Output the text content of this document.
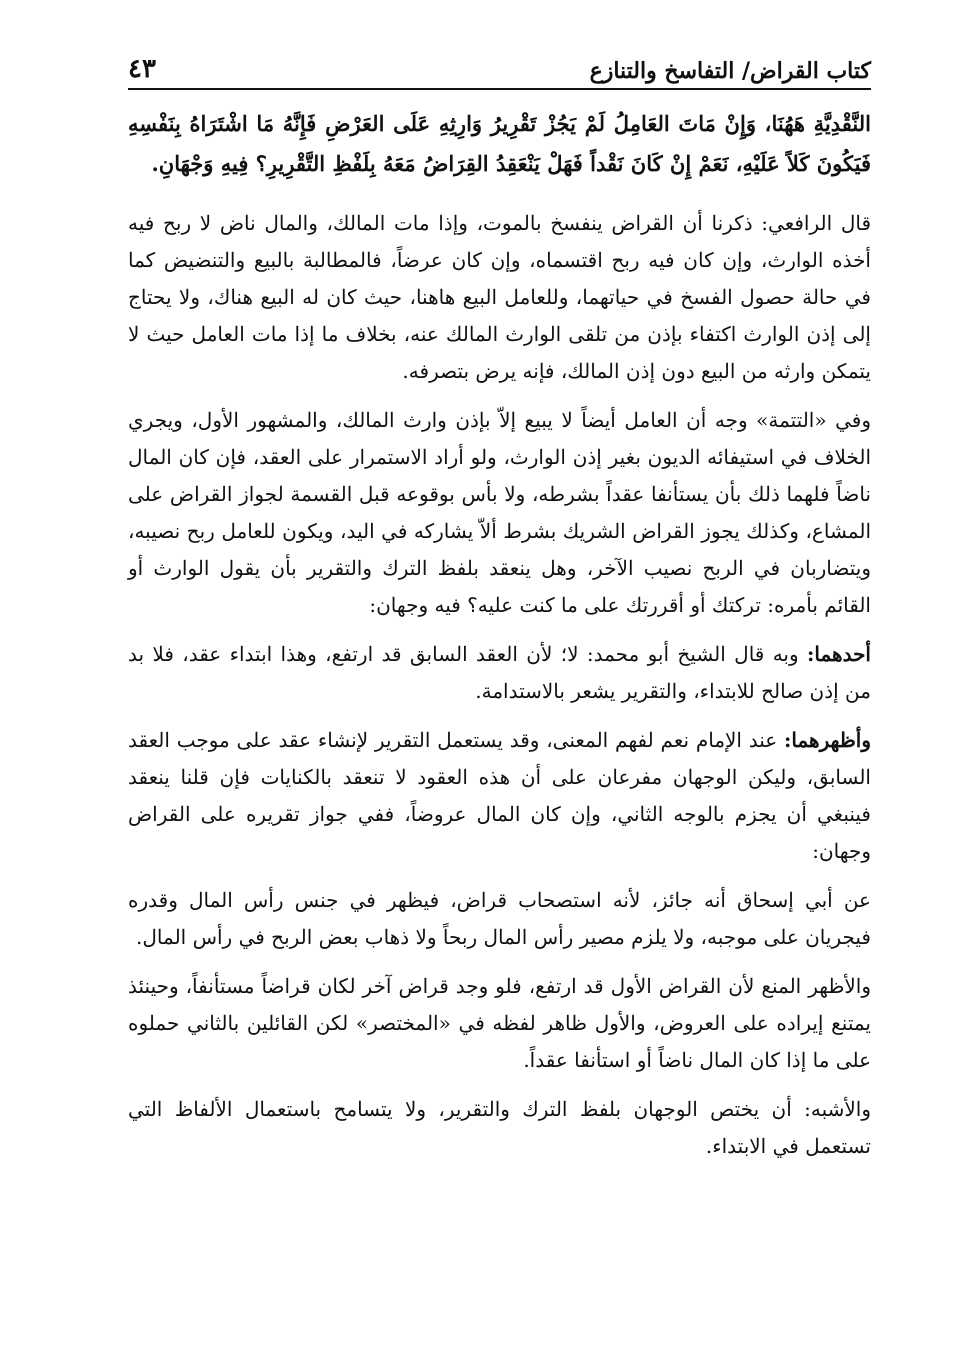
كتاب القراض/ التفاسخ والتنازع
٤٣

النَّقْدِيَّةِ هَهُنَا، وَإِنْ مَاتَ العَامِلُ لَمْ يَجُزْ تَقْرِيرُ وَارِثِهِ عَلَى العَرْضِ فَإِنَّهُ مَا اشْتَرَاهُ بِنَفْسِهِ فَيَكُونَ كَلاً عَلَيْهِ، نَعَمْ إِنْ كَانَ نَقْداً فَهَلْ يَنْعَقِدُ القِرَاضُ مَعَهُ بِلَفْظِ التَّقْرِيرِ؟ فِيهِ وَجْهَانِ.

قال الرافعي: ذكرنا أن القراض ينفسخ بالموت، وإذا مات المالك، والمال ناض لا ربح فيه أخذه الوارث، وإن كان فيه ربح اقتسماه، وإن كان عرضاً، فالمطالبة بالبيع والتنضيض كما في حالة حصول الفسخ في حياتهما، وللعامل البيع هاهنا، حيث كان له البيع هناك، ولا يحتاج إلى إذن الوارث اكتفاء بإذن من تلقى الوارث المالك عنه، بخلاف ما إذا مات العامل حيث لا يتمكن وارثه من البيع دون إذن المالك، فإنه يرض بتصرفه.

وفي «التتمة» وجه أن العامل أيضاً لا يبيع إلاّ بإذن وارث المالك، والمشهور الأول، ويجري الخلاف في استيفائه الديون بغير إذن الوارث، ولو أراد الاستمرار على العقد، فإن كان المال ناضاً فلهما ذلك بأن يستأنفا عقداً بشرطه، ولا بأس بوقوعه قبل القسمة لجواز القراض على المشاع، وكذلك يجوز القراض الشريك بشرط ألاّ يشاركه في اليد، ويكون للعامل ربح نصيبه، ويتضاربان في الربح نصيب الآخر، وهل ينعقد بلفظ الترك والتقرير بأن يقول الوارث أو القائم بأمره: تركتك أو أقررتك على ما كنت عليه؟ فيه وجهان:

أحدهما: وبه قال الشيخ أبو محمد: لا؛ لأن العقد السابق قد ارتفع، وهذا ابتداء عقد، فلا بد من إذن صالح للابتداء، والتقرير يشعر بالاستدامة.

وأظهرهما: عند الإمام نعم لفهم المعنى، وقد يستعمل التقرير لإنشاء عقد على موجب العقد السابق، وليكن الوجهان مفرعان على أن هذه العقود لا تنعقد بالكنايات فإن قلنا ينعقد فينبغي أن يجزم بالوجه الثاني، وإن كان المال عروضاً، ففي جواز تقريره على القراض وجهان:

عن أبي إسحاق أنه جائز، لأنه استصحاب قراض، فيظهر في جنس رأس المال وقدره فيجريان على موجبه، ولا يلزم مصير رأس المال ربحاً ولا ذهاب بعض الربح في رأس المال.

والأظهر المنع لأن القراض الأول قد ارتفع، فلو وجد قراض آخر لكان قراضاً مستأنفاً، وحينئذ يمتنع إيراده على العروض، والأول ظاهر لفظه في «المختصر» لكن القائلين بالثاني حملوه على ما إذا كان المال ناضاً أو استأنفا عقداً.

والأشبه: أن يختص الوجهان بلفظ الترك والتقرير، ولا يتسامح باستعمال الألفاظ التي تستعمل في الابتداء.
